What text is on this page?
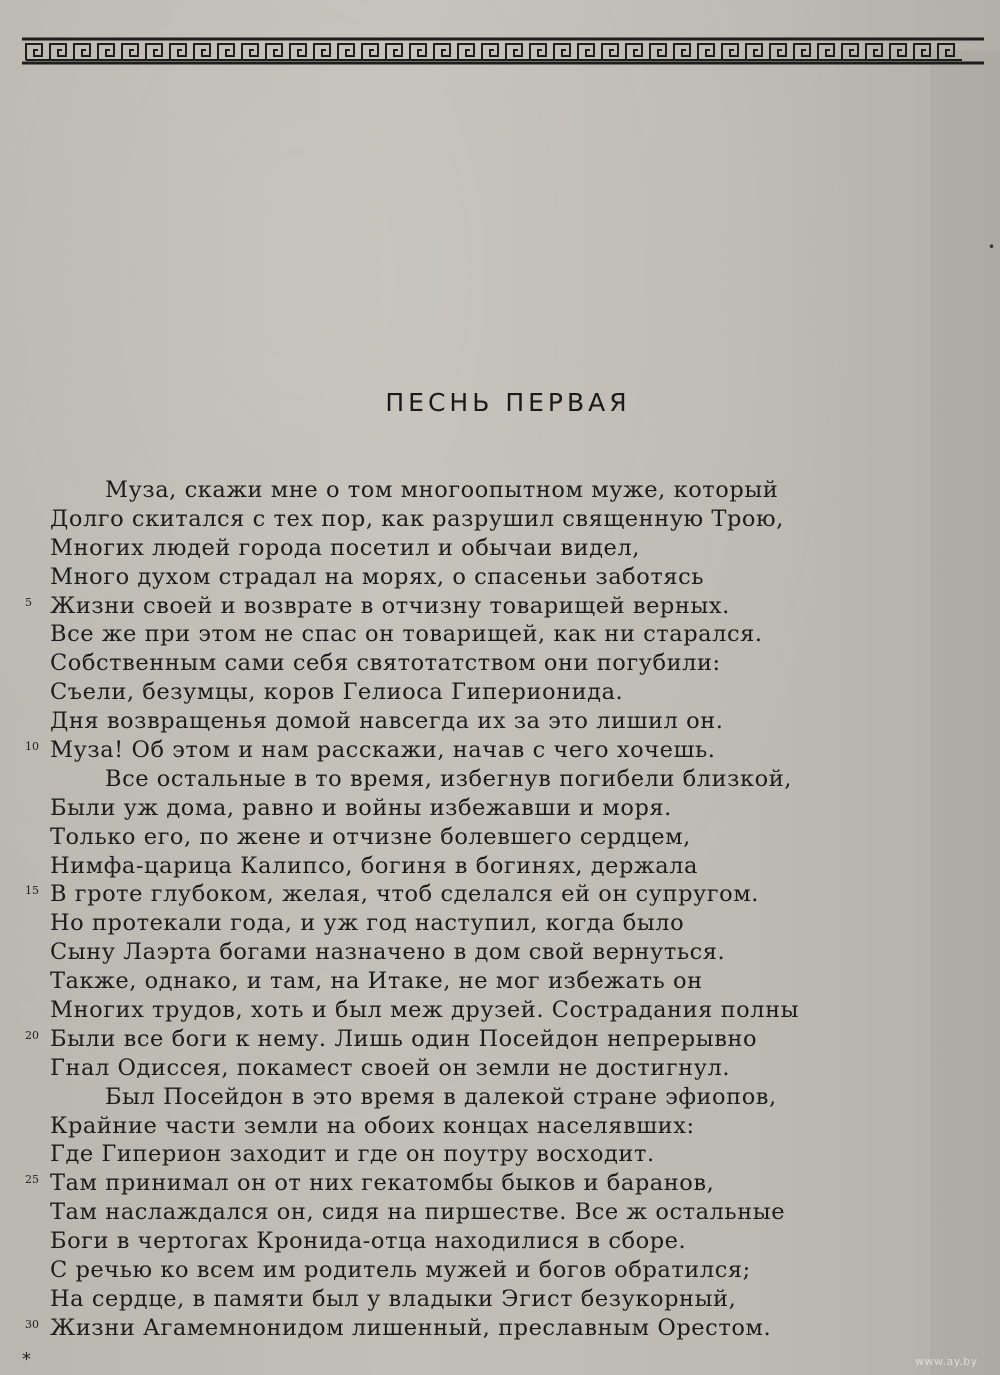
ПЕСНЬ ПЕРВАЯ
Муза, скажи мне о том многоопытном муже, который
Долго скитался с тех пор, как разрушил священную Трою,
Многих людей города посетил и обычаи видел,
Много духом страдал на морях, о спасеньи заботясь
5 Жизни своей и возврате в отчизну товарищей верных.
Все же при этом не спас он товарищей, как ни старался.
Собственным сами себя святотатством они погубили:
Съели, безумцы, коров Гелиоса Гиперионида.
Дня возвращенья домой навсегда их за это лишил он.
10 Муза! Об этом и нам расскажи, начав с чего хочешь.
Все остальные в то время, избегнув погибели близкой,
Были уж дома, равно и войны избежавши и моря.
Только его, по жене и отчизне болевшего сердцем,
Нимфа-царица Калипсо, богиня в богинях, держала
15 В гроте глубоком, желая, чтоб сделался ей он супругом.
Но протекали года, и уж год наступил, когда было
Сыну Лаэрта богами назначено в дом свой вернуться.
Также, однако, и там, на Итаке, не мог избежать он
Многих трудов, хоть и был меж друзей. Сострадания полны
20 Были все боги к нему. Лишь один Посейдон непрерывно
Гнал Одиссея, покамест своей он земли не достигнул.
Был Посейдон в это время в далекой стране эфиопов,
Крайние части земли на обоих концах населявших:
Где Гиперион заходит и где он поутру восходит.
25 Там принимал он от них гекатомбы быков и баранов,
Там наслаждался он, сидя на пиршестве. Все ж остальные
Боги в чертогах Кронида-отца находилися в сборе.
С речью ко всем им родитель мужей и богов обратился;
На сердце, в памяти был у владыки Эгист безукорный,
30 Жизни Агамемнонидом лишенный, преславным Орестом.
*
•
www.ay.by
